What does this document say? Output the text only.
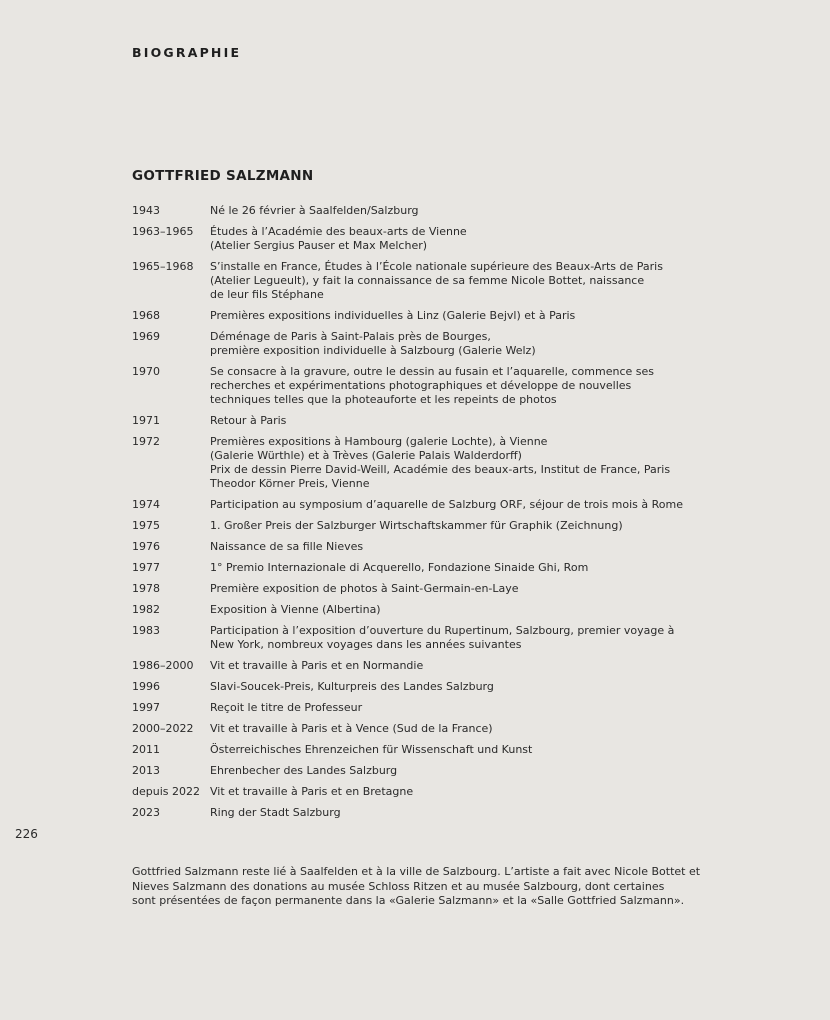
BIOGRAPHIE
GOTTFRIED SALZMANN
1943	Né le 26 février à Saalfelden/Salzburg
1963–1965	Études à l’Académie des beaux-arts de Vienne
(Atelier Sergius Pauser et Max Melcher)
1965–1968	S’installe en France, Études à l’École nationale supérieure des Beaux-Arts de Paris
(Atelier Legueult), y fait la connaissance de sa femme Nicole Bottet, naissance
de leur fils Stéphane
1968	Premières expositions individuelles à Linz (Galerie Bejvl) et à Paris
1969	Déménage de Paris à Saint-Palais près de Bourges,
première exposition individuelle à Salzbourg (Galerie Welz)
1970	Se consacre à la gravure, outre le dessin au fusain et l’aquarelle, commence ses
recherches et expérimentations photographiques et développe de nouvelles
techniques telles que la photeauforte et les repeints de photos
1971	Retour à Paris
1972	Premières expositions à Hambourg (galerie Lochte), à Vienne
(Galerie Würthle) et à Trèves (Galerie Palais Walderdorff)
Prix de dessin Pierre David-Weill, Académie des beaux-arts, Institut de France, Paris
Theodor Körner Preis, Vienne
1974	Participation au symposium d’aquarelle de Salzburg ORF, séjour de trois mois à Rome
1975	1. Großer Preis der Salzburger Wirtschaftskammer für Graphik (Zeichnung)
1976	Naissance de sa fille Nieves
1977	1° Premio Internazionale di Acquerello, Fondazione Sinaide Ghi, Rom
1978	Première exposition de photos à Saint-Germain-en-Laye
1982	Exposition à Vienne (Albertina)
1983	Participation à l’exposition d’ouverture du Rupertinum, Salzbourg, premier voyage à
New York, nombreux voyages dans les années suivantes
1986–2000	Vit et travaille à Paris et en Normandie
1996	Slavi-Soucek-Preis, Kulturpreis des Landes Salzburg
1997	Reçoit le titre de Professeur
2000–2022	Vit et travaille à Paris et à Vence (Sud de la France)
2011	Österreichisches Ehrenzeichen für Wissenschaft und Kunst
2013	Ehrenbecher des Landes Salzburg
depuis 2022 Vit et travaille à Paris et en Bretagne
2023	Ring der Stadt Salzburg
226
Gottfried Salzmann reste lié à Saalfelden et à la ville de Salzbourg. L’artiste a fait avec Nicole Bottet et
Nieves Salzmann des donations au musée Schloss Ritzen et au musée Salzbourg, dont certaines
sont présentées de façon permanente dans la «Galerie Salzmann» et la «Salle Gottfried Salzmann».
